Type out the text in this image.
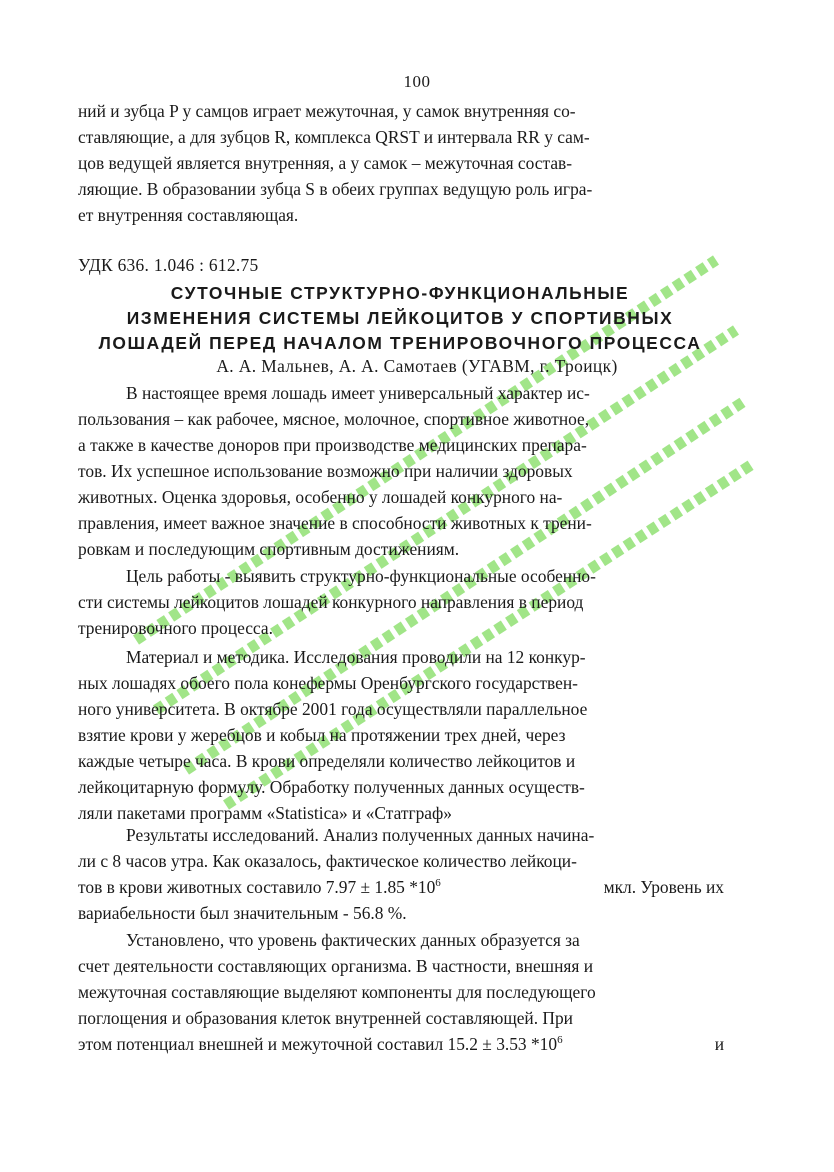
100
ний и зубца P у самцов играет межуточная, у самок внутренняя со-
ставляющие, а для зубцов R, комплекса QRST и интервала RR у сам-
цов ведущей является внутренняя, а у самок – межуточная состав-
ляющие. В образовании зубца S в обеих группах ведущую роль игра-
ет внутренняя составляющая.
УДК 636. 1.046 : 612.75
СУТОЧНЫЕ СТРУКТУРНО-ФУНКЦИОНАЛЬНЫЕ
ИЗМЕНЕНИЯ СИСТЕМЫ ЛЕЙКОЦИТОВ У СПОРТИВНЫХ
ЛОШАДЕЙ ПЕРЕД НАЧАЛОМ ТРЕНИРОВОЧНОГО ПРОЦЕССА
А. А. Мальнев, А. А. Самотаев (УГАВМ, г. Троицк)
В настоящее время лошадь имеет универсальный характер ис-
пользования – как рабочее, мясное, молочное, спортивное животное,
а также в качестве доноров при производстве медицинских препара-
тов. Их успешное использование возможно при наличии здоровых
животных. Оценка здоровья, особенно у лошадей конкурного на-
правления, имеет важное значение в способности животных к трени-
ровкам и последующим спортивным достижениям.
Цель работы - выявить структурно-функциональные особенно-
сти системы лейкоцитов лошадей конкурного направления в период
тренировочного процесса.
Материал и методика. Исследования проводили на 12 конкур-
ных лошадях обоего пола конефермы Оренбургского государствен-
ного университета. В октябре 2001 года осуществляли параллельное
взятие крови у жеребцов и кобыл на протяжении трех дней, через
каждые четыре часа. В крови определяли количество лейкоцитов и
лейкоцитарную формулу. Обработку полученных данных осуществ-
ляли пакетами программ «Statistica» и «Статграф»
Результаты исследований. Анализ полученных данных начина-
ли с 8 часов утра. Как оказалось, фактическое количество лейкоци-
тов в крови животных составило 7.97 ± 1.85 $*10^6$	мкл. Уровень их
вариабельности был значительным - 56.8 %.
Установлено, что уровень фактических данных образуется за
счет деятельности составляющих организма. В частности, внешняя и
межуточная составляющие выделяют компоненты для последующего
поглощения и образования клеток внутренней составляющей. При
этом потенциал внешней и межуточной составил 15.2 ± 3.53 $*10^6$	и
